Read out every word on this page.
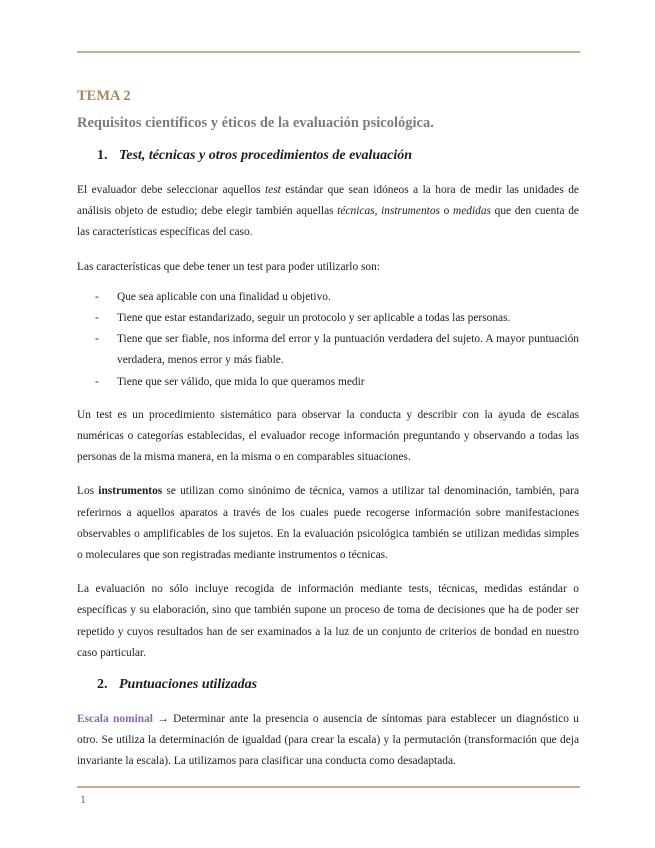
TEMA 2
Requisitos científicos y éticos de la evaluación psicológica.
1. Test, técnicas y otros procedimientos de evaluación

El evaluador debe seleccionar aquellos test estándar que sean idóneos a la hora de medir las unidades de análisis objeto de estudio; debe elegir también aquellas técnicas, instrumentos o medidas que den cuenta de las características específicas del caso.

Las características que debe tener un test para poder utilizarlo son:

-	Que sea aplicable con una finalidad u objetivo.
-	Tiene que estar estandarizado, seguir un protocolo y ser aplicable a todas las personas.
-	Tiene que ser fiable, nos informa del error y la puntuación verdadera del sujeto. A mayor puntuación verdadera, menos error y más fiable.
-	Tiene que ser válido, que mida lo que queramos medir

Un test es un procedimiento sistemático para observar la conducta y describir con la ayuda de escalas numéricas o categorías establecidas, el evaluador recoge información preguntando y observando a todas las personas de la misma manera, en la misma o en comparables situaciones.

Los instrumentos se utilizan como sinónimo de técnica, vamos a utilizar tal denominación, también, para referirnos a aquellos aparatos a través de los cuales puede recogerse información sobre manifestaciones observables o amplificables de los sujetos. En la evaluación psicológica también se utilizan medidas simples o moleculares que son registradas mediante instrumentos o técnicas.

La evaluación no sólo incluye recogida de información mediante tests, técnicas, medidas estándar o específicas y su elaboración, sino que también supone un proceso de toma de decisiones que ha de poder ser repetido y cuyos resultados han de ser examinados a la luz de un conjunto de criterios de bondad en nuestro caso particular.

2. Puntuaciones utilizadas

Escala nominal → Determinar ante la presencia o ausencia de síntomas para establecer un diagnóstico u otro. Se utiliza la determinación de igualdad (para crear la escala) y la permutación (transformación que deja invariante la escala). La utilizamos para clasificar una conducta como desadaptada.

1
